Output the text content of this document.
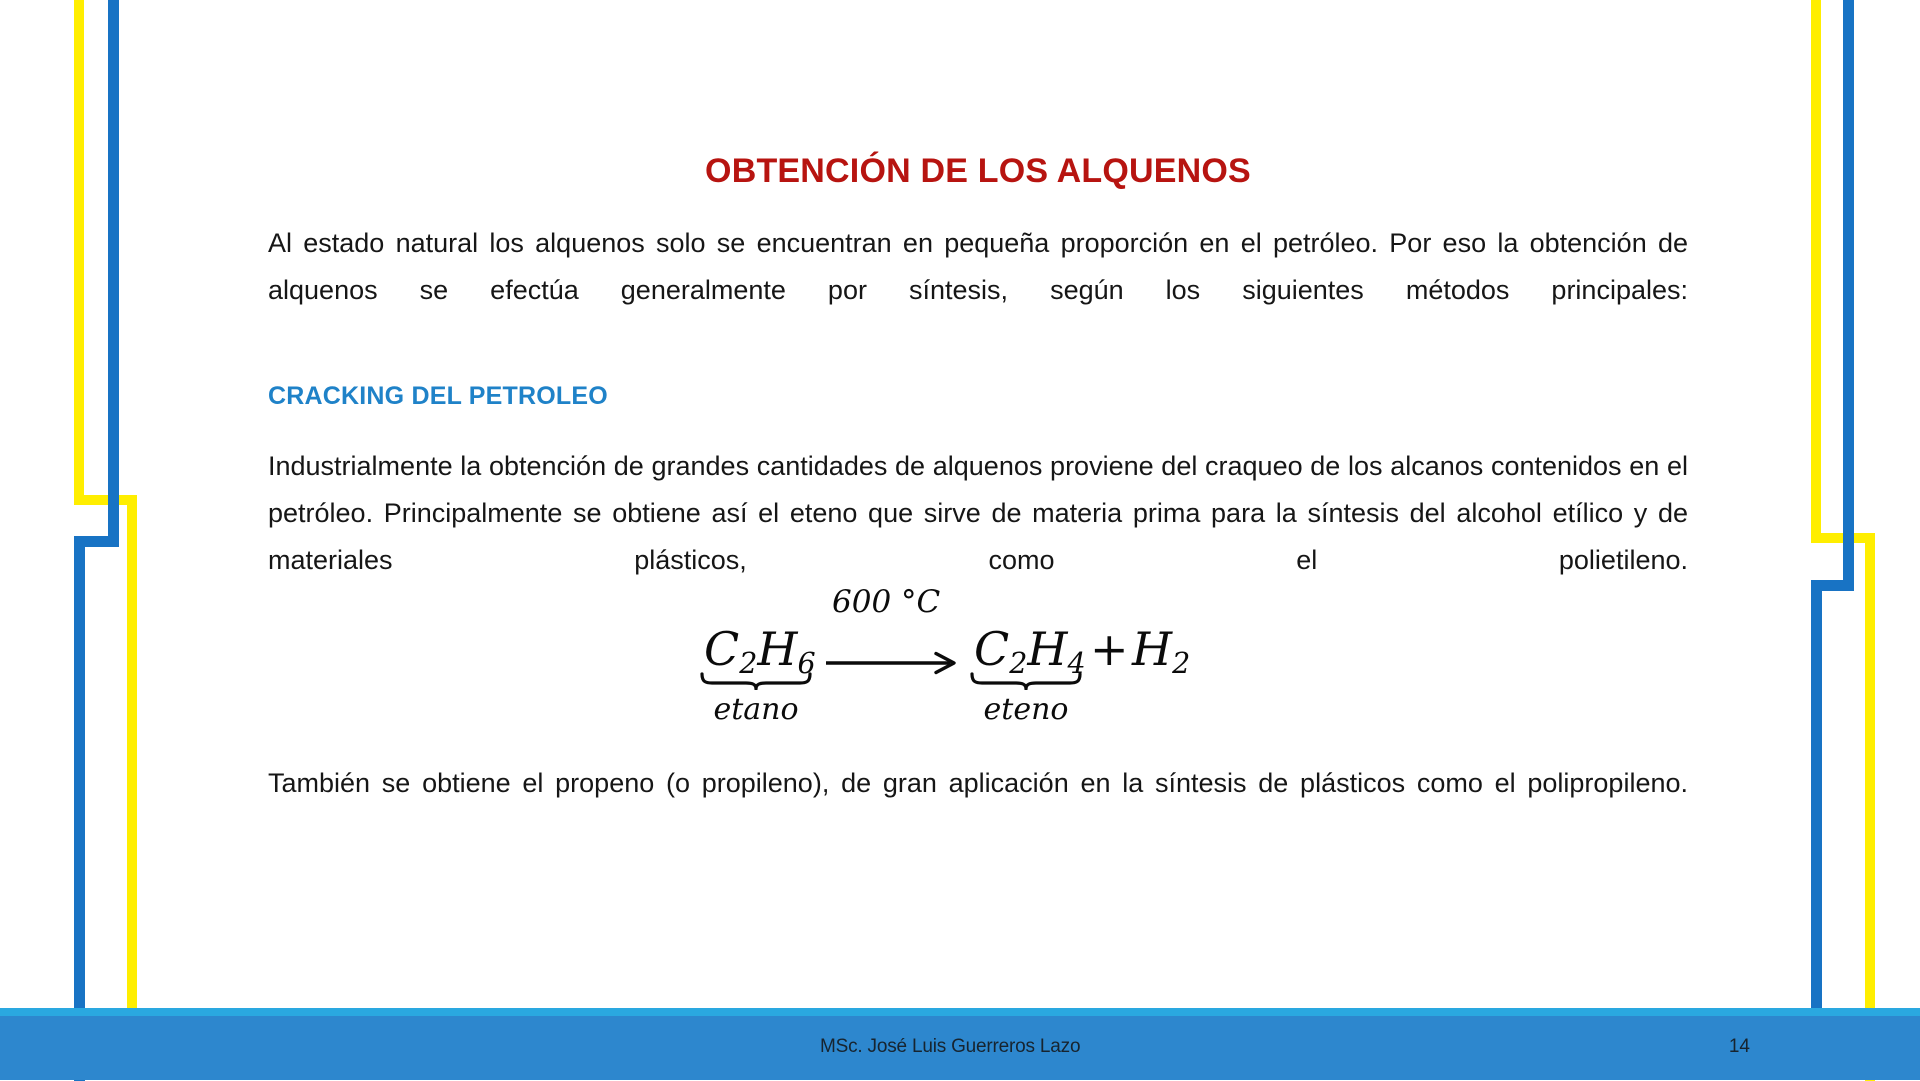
OBTENCIÓN DE LOS ALQUENOS
Al estado natural los alquenos solo se encuentran en pequeña proporción en el petróleo. Por eso la obtención de alquenos se efectúa generalmente por síntesis, según los siguientes métodos principales:
CRACKING DEL PETROLEO
Industrialmente la obtención de grandes cantidades de alquenos proviene del craqueo de los alcanos contenidos en el petróleo. Principalmente se obtiene así el eteno que sirve de materia prima para la síntesis del alcohol etílico y de materiales plásticos, como el polietileno.
600 °C
$C_2H_6$	$C_2H_4 + H_2$
etano	eteno
También se obtiene el propeno (o propileno), de gran aplicación en la síntesis de plásticos como el polipropileno.
MSc. José Luis Guerreros Lazo	14
